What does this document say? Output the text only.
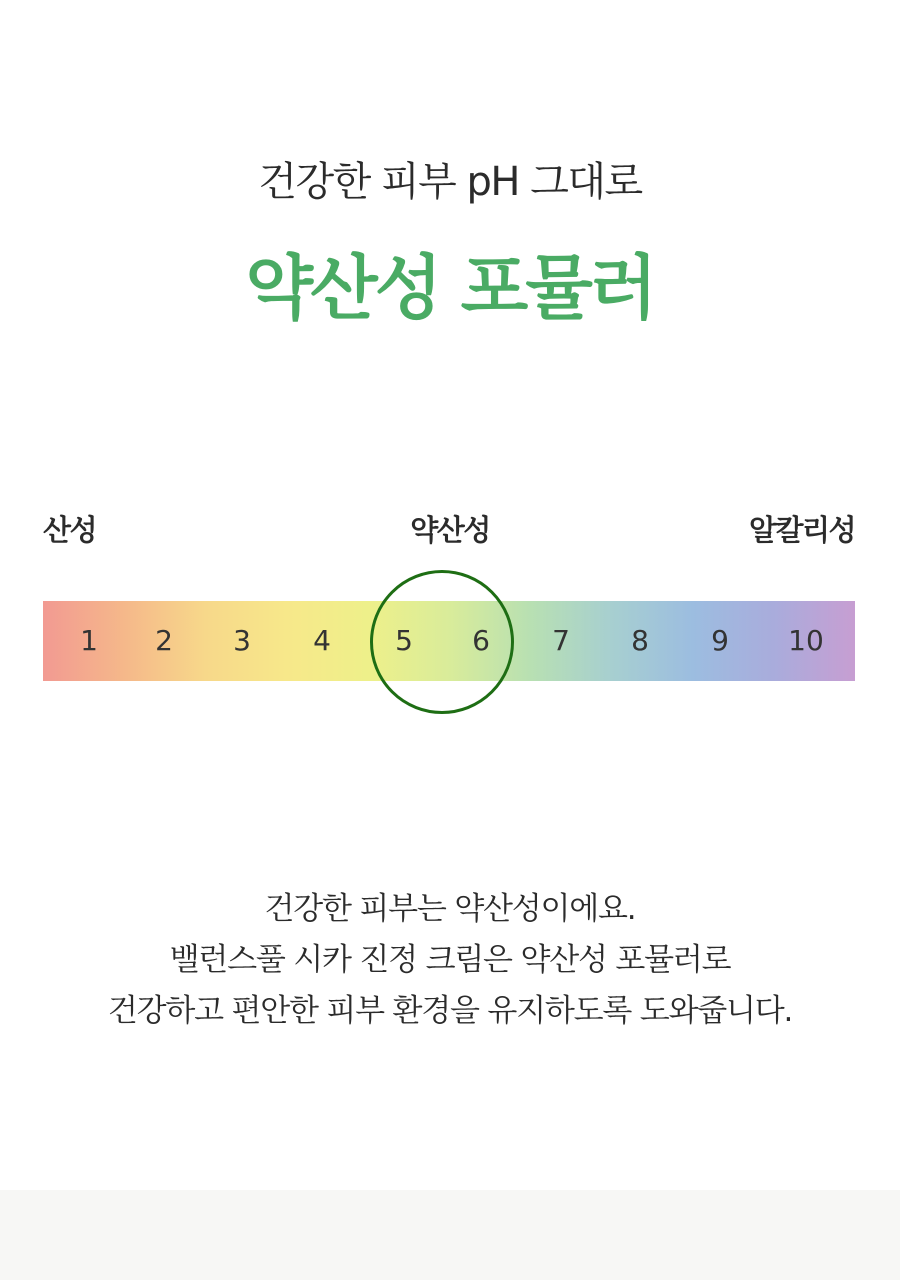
건강한 피부 pH 그대로
약산성 포뮬러
산성	약산성	알칼리성
1	2	3	4	5	6	7	8	9	10
건강한 피부는 약산성이에요.
밸런스풀 시카 진정 크림은 약산성 포뮬러로
건강하고 편안한 피부 환경을 유지하도록 도와줍니다.
